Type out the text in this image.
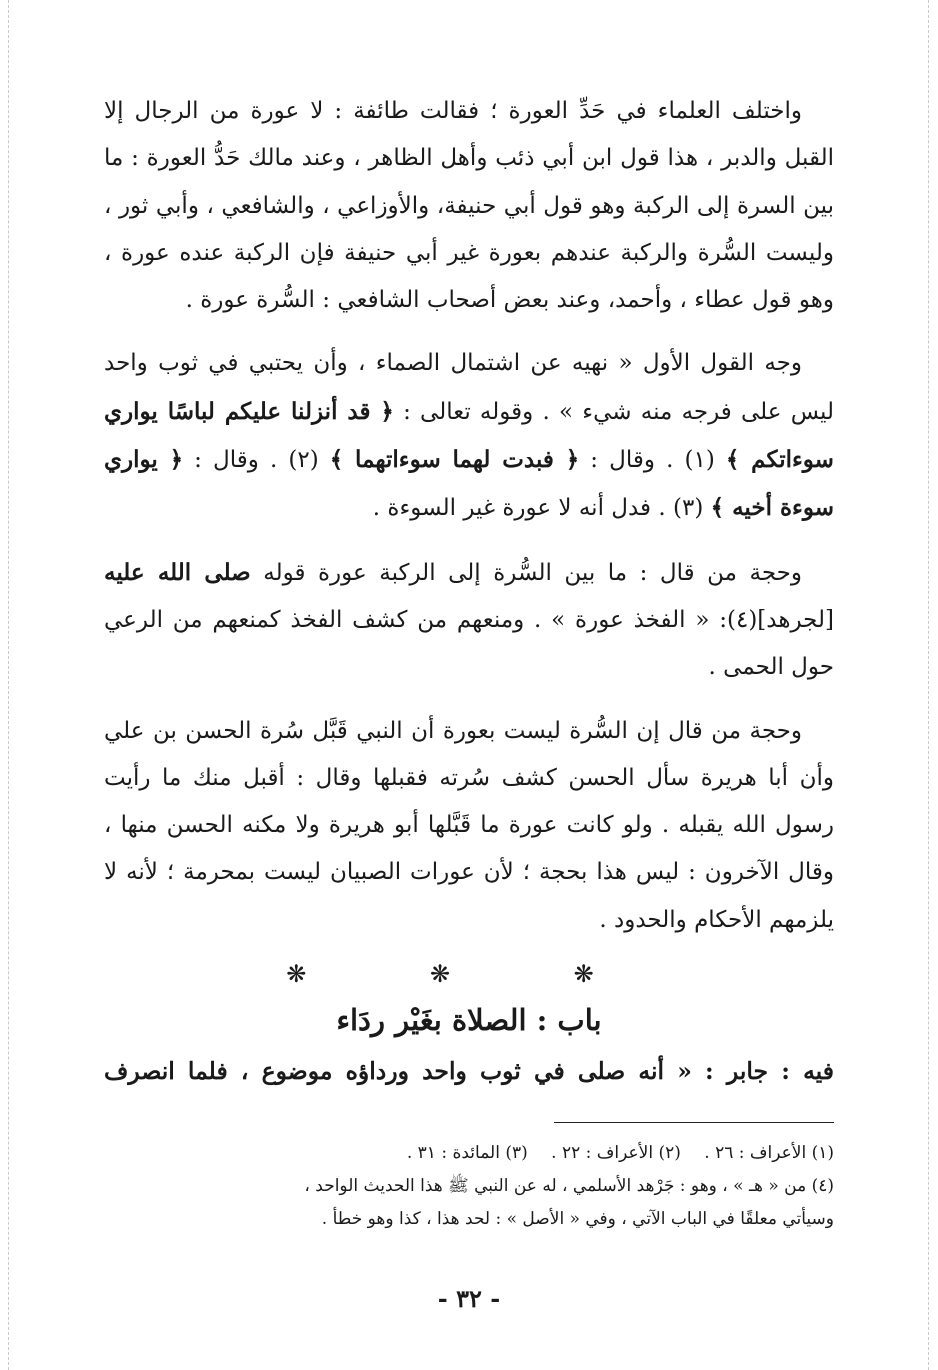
واختلف العلماء في حَدِّ العورة ؛ فقالت طائفة : لا عورة من الرجال إلا القبل والدبر ، هذا قول ابن أبي ذئب وأهل الظاهر ، وعند مالك حَدُّ العورة : ما بين السرة إلى الركبة وهو قول أبي حنيفة، والأوزاعي ، والشافعي ، وأبي ثور ، وليست السُّرة والركبة عندهم بعورة غير أبي حنيفة فإن الركبة عنده عورة ، وهو قول عطاء ، وأحمد، وعند بعض أصحاب الشافعي : السُّرة عورة .

وجه القول الأول « نهيه عن اشتمال الصماء ، وأن يحتبي في ثوب واحد ليس على فرجه منه شيء » . وقوله تعالى : ﴿ قد أنزلنا عليكم لباسًا يواري سوءاتكم ﴾ (١) . وقال : ﴿ فبدت لهما سوءاتهما ﴾ (٢) . وقال : ﴿ يواري سوءة أخيه ﴾ (٣) . فدل أنه لا عورة غير السوءة .

وحجة من قال : ما بين السُّرة إلى الركبة عورة قوله صلى الله عليه [لجرهد](٤): « الفخذ عورة » . ومنعهم من كشف الفخذ كمنعهم من الرعي حول الحمى .

وحجة من قال إن السُّرة ليست بعورة أن النبي قَبَّل سُرة الحسن بن علي وأن أبا هريرة سأل الحسن كشف سُرته فقبلها وقال : أقبل منك ما رأيت رسول الله يقبله . ولو كانت عورة ما قَبَّلها أبو هريرة ولا مكنه الحسن منها ، وقال الآخرون : ليس هذا بحجة ؛ لأن عورات الصبيان ليست بمحرمة ؛ لأنه لا يلزمهم الأحكام والحدود .

❋ ❋ ❋
باب : الصلاة بغَيْر ردَاء

فيه : جابر : « أنه صلى في ثوب واحد ورداؤه موضوع ، فلما انصرف

(١) الأعراف : ٢٦ . (٢) الأعراف : ٢٢ . (٣) المائدة : ٣١ .

(٤) من « هـ » ، وهو : جَرْهد الأسلمي ، له عن النبي ﷺ هذا الحديث الواحد ،

وسيأتي معلقًا في الباب الآتي ، وفي « الأصل » : لحد هذا ، كذا وهو خطأ .

- ٣٢ -
